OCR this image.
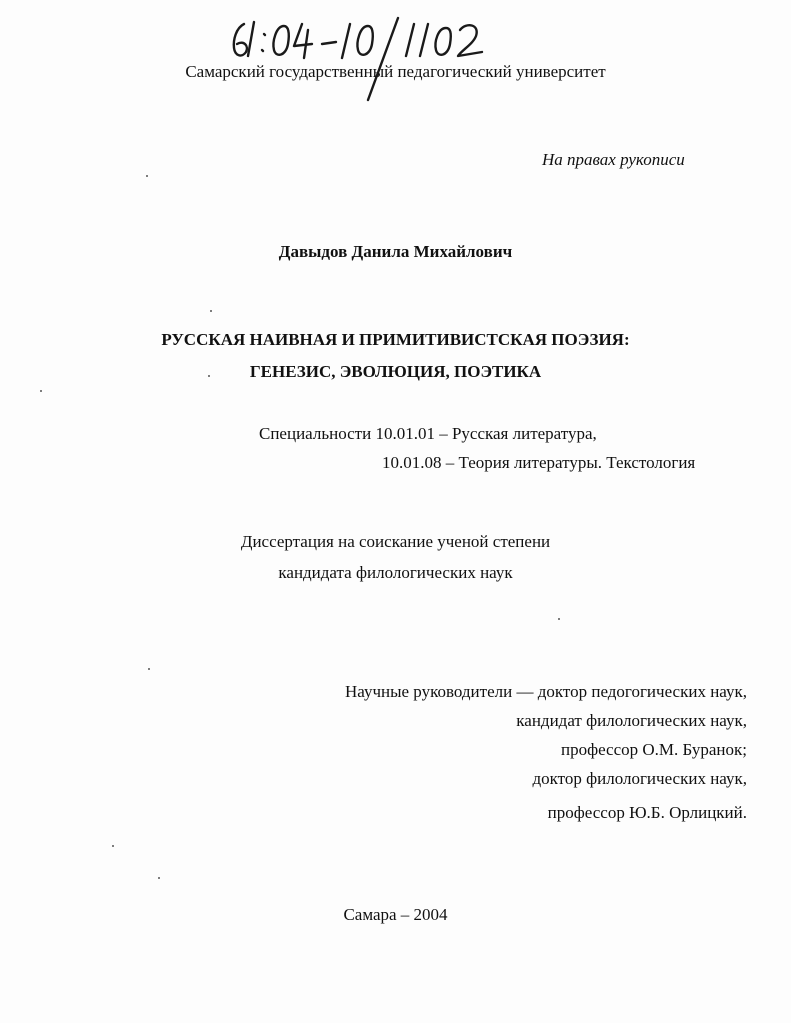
Самарский государственный педагогический университет
На правах рукописи
Давыдов Данила Михайлович
РУССКАЯ НАИВНАЯ И ПРИМИТИВИСТСКАЯ ПОЭЗИЯ:
ГЕНЕЗИС, ЭВОЛЮЦИЯ, ПОЭТИКА
Специальности 10.01.01 – Русская литература,
10.01.08 – Теория литературы. Текстология
Диссертация на соискание ученой степени
кандидата филологических наук
Научные руководители — доктор педогогических наук,
кандидат филологических наук,
профессор О.М. Буранок;
доктор филологических наук,
профессор Ю.Б. Орлицкий.
Самара – 2004
